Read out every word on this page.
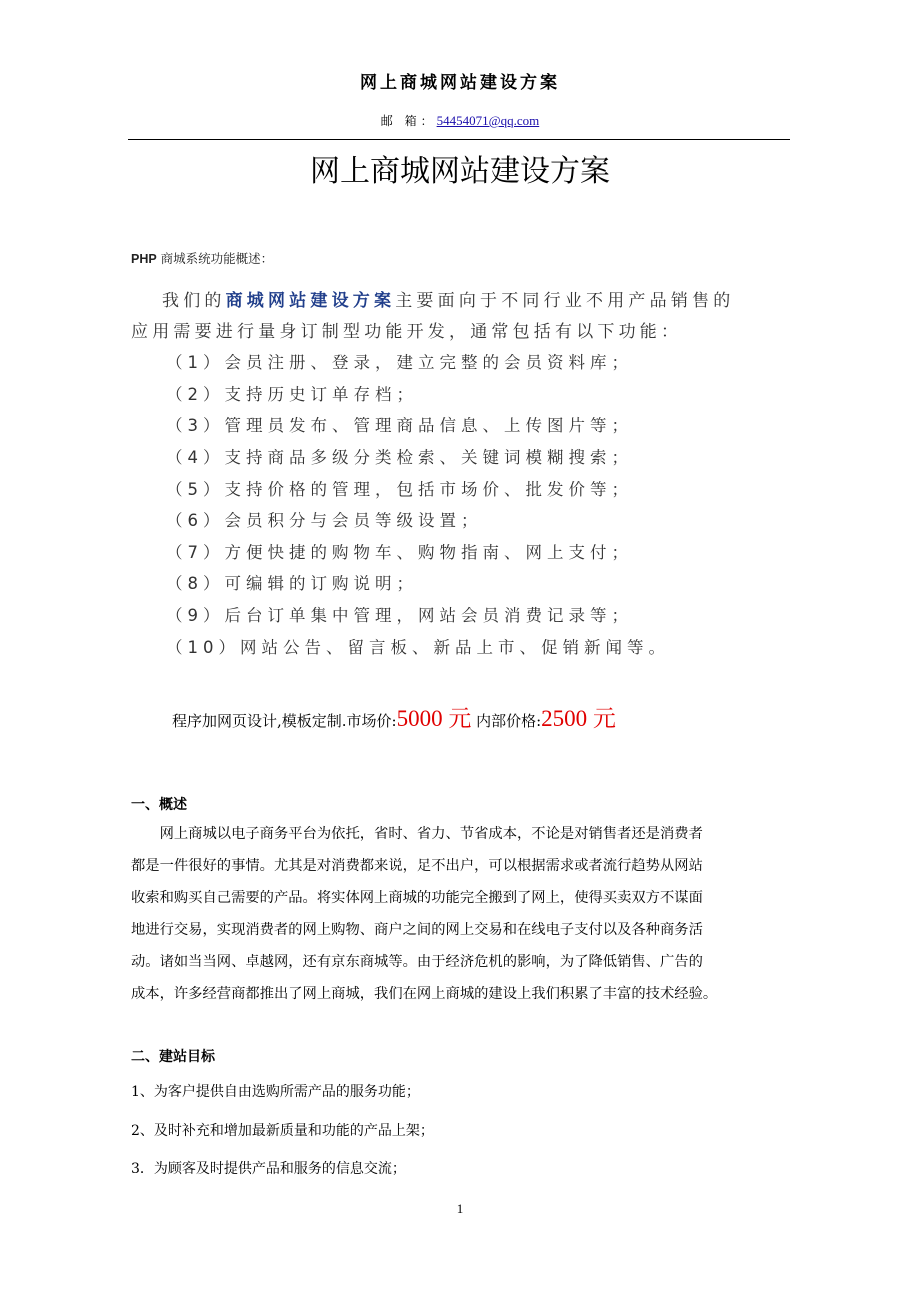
网上商城网站建设方案
邮 箱：54454071@qq.com
网上商城网站建设方案
PHP 商城系统功能概述：
我们的商城网站建设方案主要面向于不同行业不用产品销售的
应用需要进行量身订制型功能开发，通常包括有以下功能：
（1）会员注册、登录，建立完整的会员资料库；
（2）支持历史订单存档；
（3）管理员发布、管理商品信息、上传图片等；
（4）支持商品多级分类检索、关键词模糊搜索；
（5）支持价格的管理，包括市场价、批发价等；
（6）会员积分与会员等级设置；
（7）方便快捷的购物车、购物指南、网上支付；
（8）可编辑的订购说明；
（9）后台订单集中管理，网站会员消费记录等；
（10）网站公告、留言板、新品上市、促销新闻等。
程序加网页设计,模板定制.市场价:5000 元 内部价格:2500 元
一、概述
　　网上商城以电子商务平台为依托，省时、省力、节省成本，不论是对销售者还是消费者
都是一件很好的事情。尤其是对消费都来说，足不出户，可以根据需求或者流行趋势从网站
收索和购买自己需要的产品。将实体网上商城的功能完全搬到了网上，使得买卖双方不谋面
地进行交易，实现消费者的网上购物、商户之间的网上交易和在线电子支付以及各种商务活
动。诸如当当网、卓越网，还有京东商城等。由于经济危机的影响，为了降低销售、广告的
成本，许多经营商都推出了网上商城，我们在网上商城的建设上我们积累了丰富的技术经验。
二、建站目标
1、为客户提供自由选购所需产品的服务功能；
2、及时补充和增加最新质量和功能的产品上架；
3．为顾客及时提供产品和服务的信息交流；
1
